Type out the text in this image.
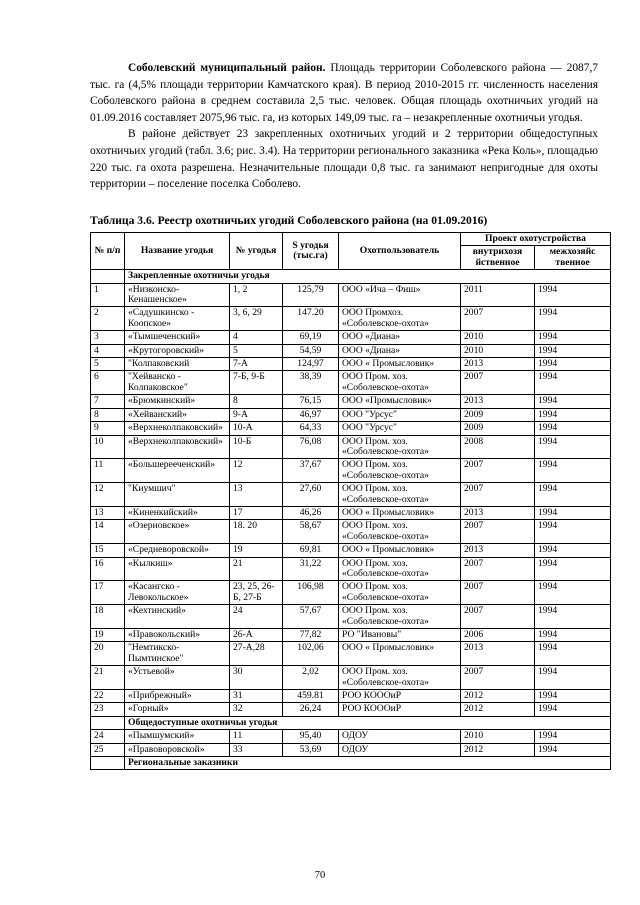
Соболевский муниципальный район. Площадь территории Соболевского района — 2087,7 тыс. га (4,5% площади территории Камчатского края). В период 2010-2015 гг. численность населения Соболевского района в среднем составила 2,5 тыс. человек. Общая площадь охотничьих угодий на 01.09.2016 составляет 2075,96 тыс. га, из которых 149,09 тыс. га – незакрепленные охотничьи угодья.

В районе действует 23 закрепленных охотничьих угодий и 2 территории общедоступных охотничьих угодий (табл. 3.6; рис. 3.4). На территории регионального заказника «Река Коль», площадью 220 тыс. га охота разрешена. Незначительные площади 0,8 тыс. га занимают непригодные для охоты территории – поселение поселка Соболево.

Таблица 3.6. Реестр охотничьих угодий Соболевского района (на 01.09.2016)
№ п/п	Название угодья	№ угодья	S угодья (тыс.га)	Охотпользователь	Проект охотустройства	
					внутрихозя йственное	межхозяйс твенное
	Закрепленные охотничьи угодья					
1	«Низконско-Кенашенское»	1, 2	125,79	ООО «Ича – Фиш»	2011	1994
2	«Садушкинско - Коопское»	3, 6, 29	147.20	ООО Промхоз. «Соболевское-охота»	2007	1994
3	«Тымшеченский»	4	69,19	ООО «Диана»	2010	1994
4	«Крутогоровский»	5	54,59	ООО «Диана»	2010	1994
5	"Колпаковский	7-А	124,97	ООО « Промысловик»	2013	1994
6	"Хейванско - Колпаковское"	7-Б, 9-Б	38,39	ООО Пром. хоз. «Соболевское-охота»	2007	1994
7	«Брюмкинский»	8	76,15	ООО «Промысловик»	2013	1994
8	«Хейванский»	9-А	46,97	ООО "Урсус"	2009	1994
9	«Верхнеколпаковский»	10-А	64,33	ООО "Урсус"	2009	1994
10	«Верхнеколпаковский»	10-Б	76,08	ООО Пром. хоз. «Соболевское-охота»	2008	1994
11	«Большерееченский»	12	37,67	ООО Пром. хоз. «Соболевское-охота»	2007	1994
12	"Киумшич"	13	27,60	ООО Пром. хоз. «Соболевское-охота»	2007	1994
13	«Киненкийский»	17	46,26	ООО « Промысловик»	2013	1994
14	«Озерновское»	18. 20	58,67	ООО Пром. хоз. «Соболевское-охота»	2007	1994
15	«Средневоровской»	19	69,81	ООО « Промысловик»	2013	1994
16	«Кылкиш»	21	31,22	ООО Пром. хоз. «Соболевское-охота»	2007	1994
17	«Касангско - Левокольское»	23, 25, 26-Б, 27-Б	106,98	ООО Пром. хоз. «Соболевское-охота»	2007	1994
18	«Кехтинский»	24	57,67	ООО Пром. хоз. «Соболевское-охота»	2007	1994
19	«Правокольский»	26-А	77,82	РО "Ивановы"	2006	1994
20	"Немтикско-Пымтинское"	27-А,28	102,06	ООО « Промысловик»	2013	1994
21	«Устьевой»	30	2,02	ООО Пром. хоз. «Соболевское-охота»	2007	1994
22	«Прибрежный»	31	459.81	РОО КОООиР	2012	1994
23	«Горный»	32	26,24	РОО КОООиР	2012	1994
	Общедоступные охотничьи угодья					
24	«Пымшумский»	11	95,40	ОДОУ	2010	1994
25	«Правоворовской»	33	53,69	ОДОУ	2012	1994
	Региональные заказники					
70
